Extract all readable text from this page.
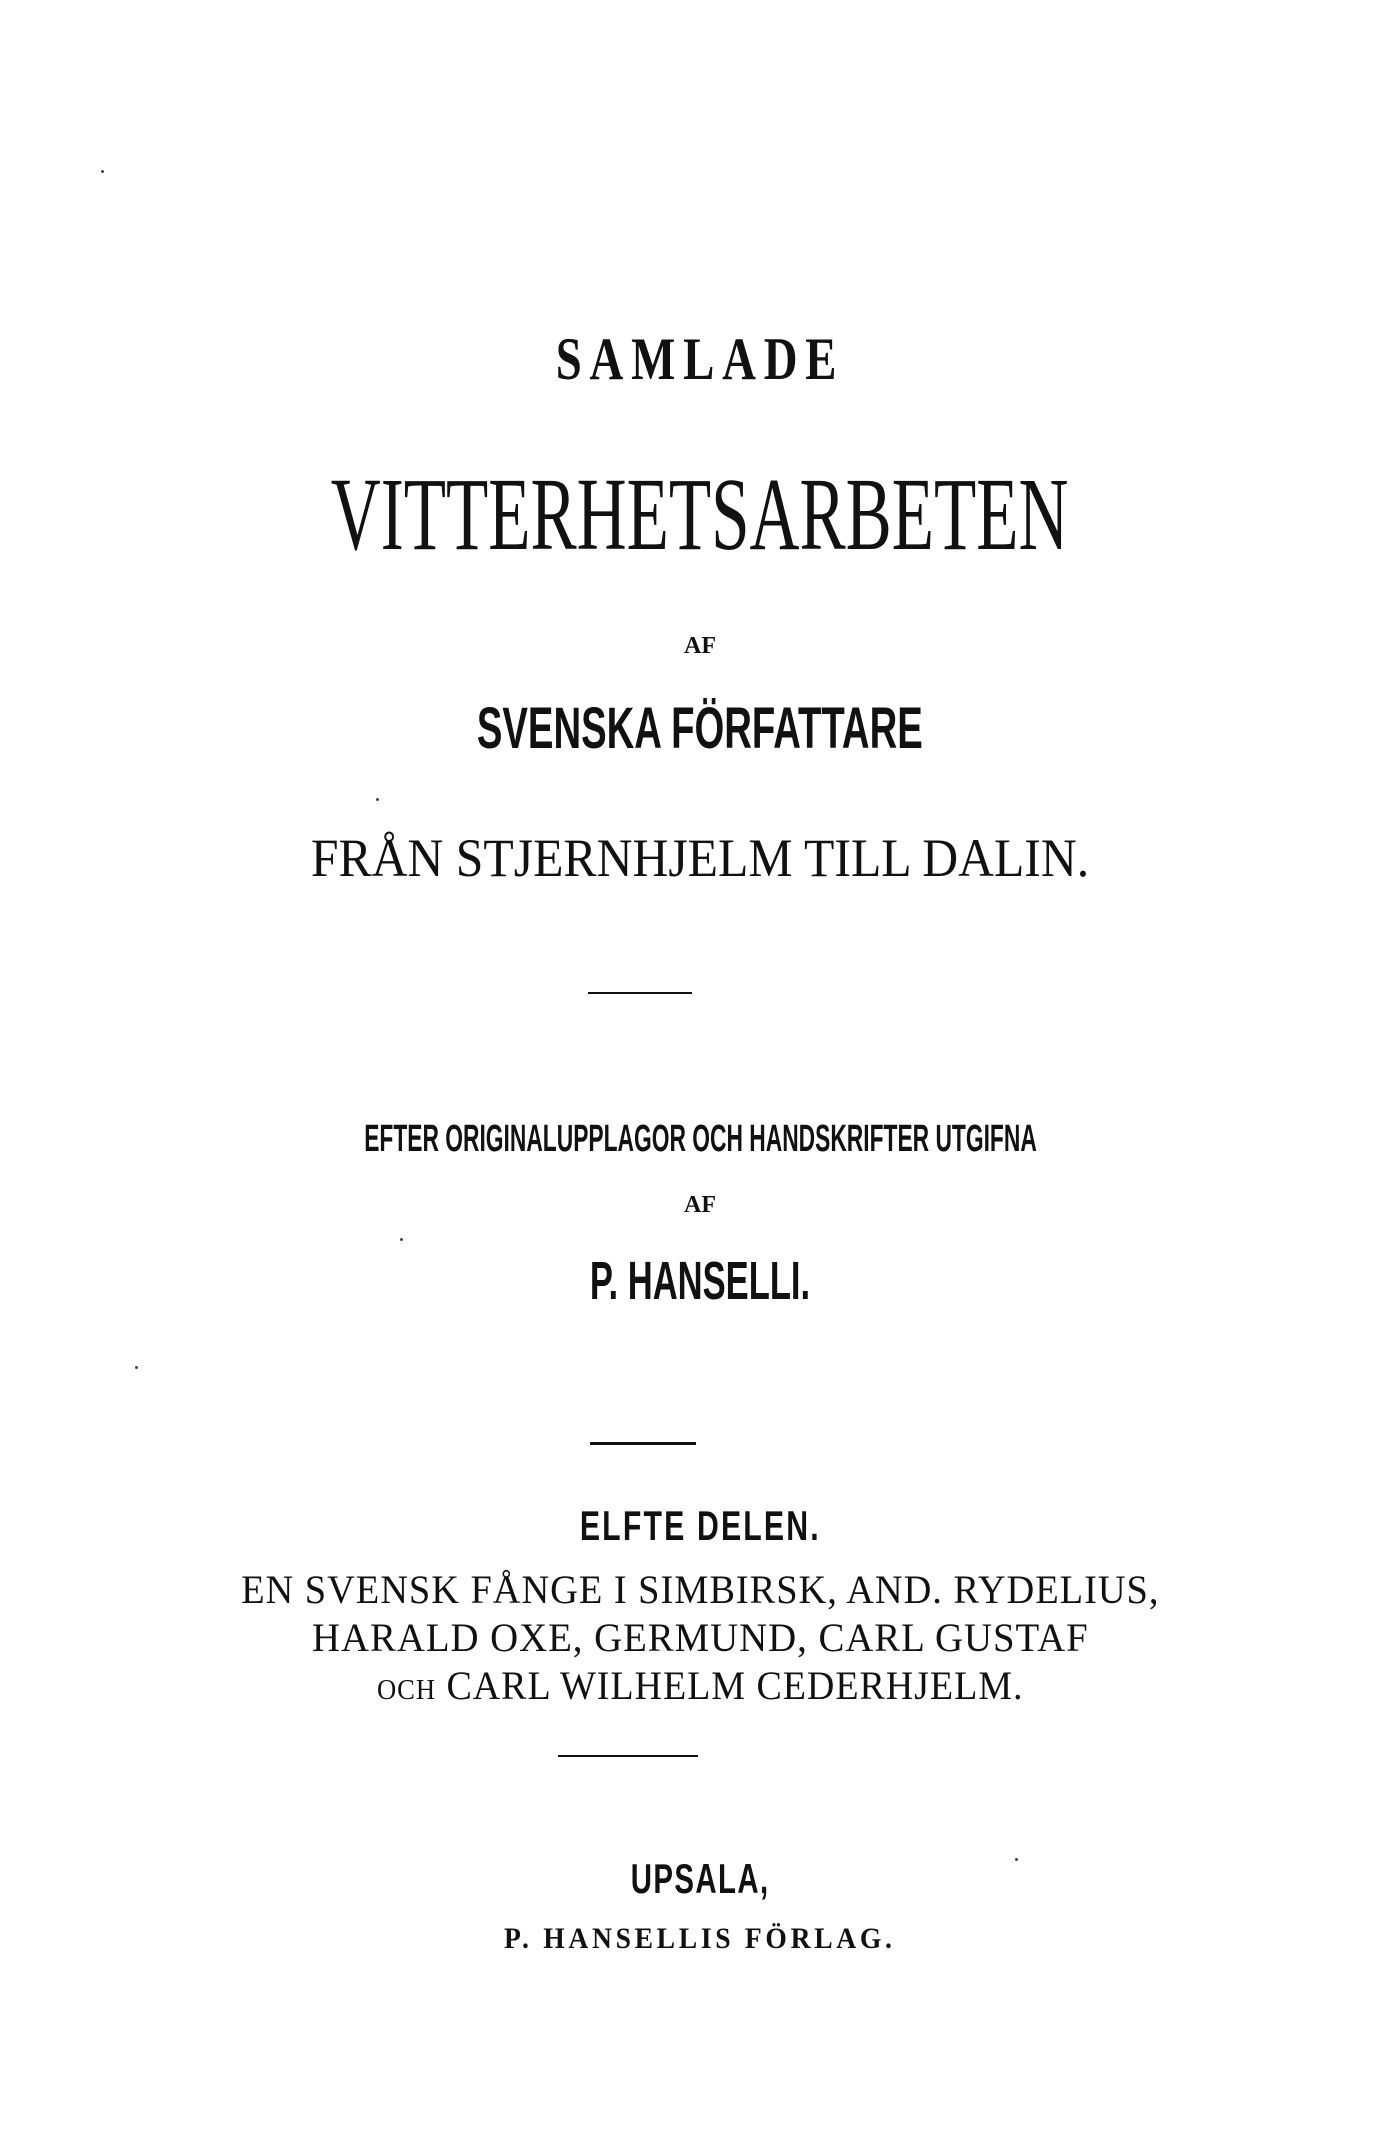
SAMLADE
VITTERHETSARBETEN
AF
SVENSKA FÖRFATTARE
FRÅN STJERNHJELM TILL DALIN.
EFTER ORIGINALUPPLAGOR OCH HANDSKRIFTER UTGIFNA
AF
P. HANSELLI.
ELFTE DELEN.
EN SVENSK FÅNGE I SIMBIRSK, AND. RYDELIUS,
HARALD OXE, GERMUND, CARL GUSTAF
OCH CARL WILHELM CEDERHJELM.
UPSALA,
P. HANSELLIS FÖRLAG.
